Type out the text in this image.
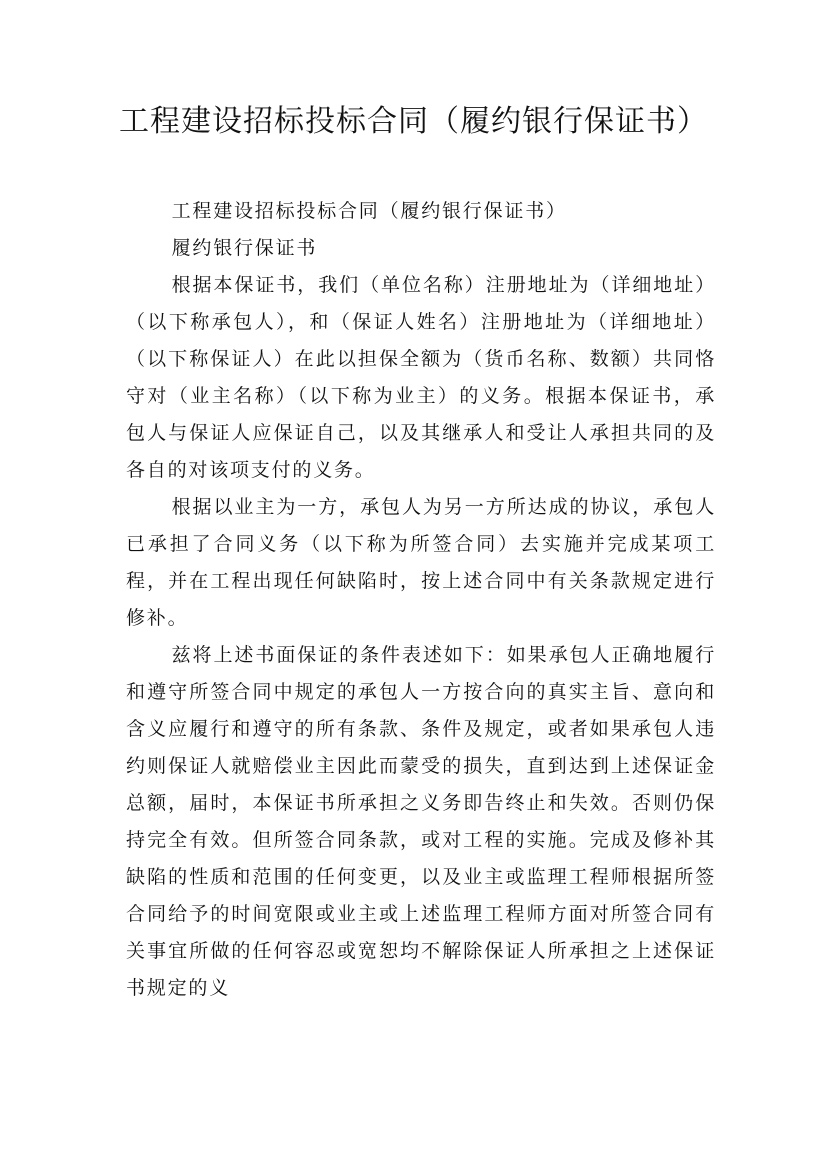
工程建设招标投标合同（履约银行保证书）

工程建设招标投标合同（履约银行保证书）

履约银行保证书

根据本保证书，我们（单位名称）注册地址为（详细地址）（以下称承包人），和（保证人姓名）注册地址为（详细地址）（以下称保证人）在此以担保全额为（货币名称、数额）共同恪守对（业主名称）（以下称为业主）的义务。根据本保证书，承包人与保证人应保证自己，以及其继承人和受让人承担共同的及各自的对该项支付的义务。

根据以业主为一方，承包人为另一方所达成的协议，承包人已承担了合同义务（以下称为所签合同）去实施并完成某项工程，并在工程出现任何缺陷时，按上述合同中有关条款规定进行修补。

兹将上述书面保证的条件表述如下：如果承包人正确地履行和遵守所签合同中规定的承包人一方按合向的真实主旨、意向和含义应履行和遵守的所有条款、条件及规定，或者如果承包人违约则保证人就赔偿业主因此而蒙受的损失，直到达到上述保证金总额，届时，本保证书所承担之义务即告终止和失效。否则仍保持完全有效。但所签合同条款，或对工程的实施。完成及修补其缺陷的性质和范围的任何变更，以及业主或监理工程师根据所签合同给予的时间宽限或业主或上述监理工程师方面对所签合同有关事宜所做的任何容忍或宽恕均不解除保证人所承担之上述保证书规定的义
